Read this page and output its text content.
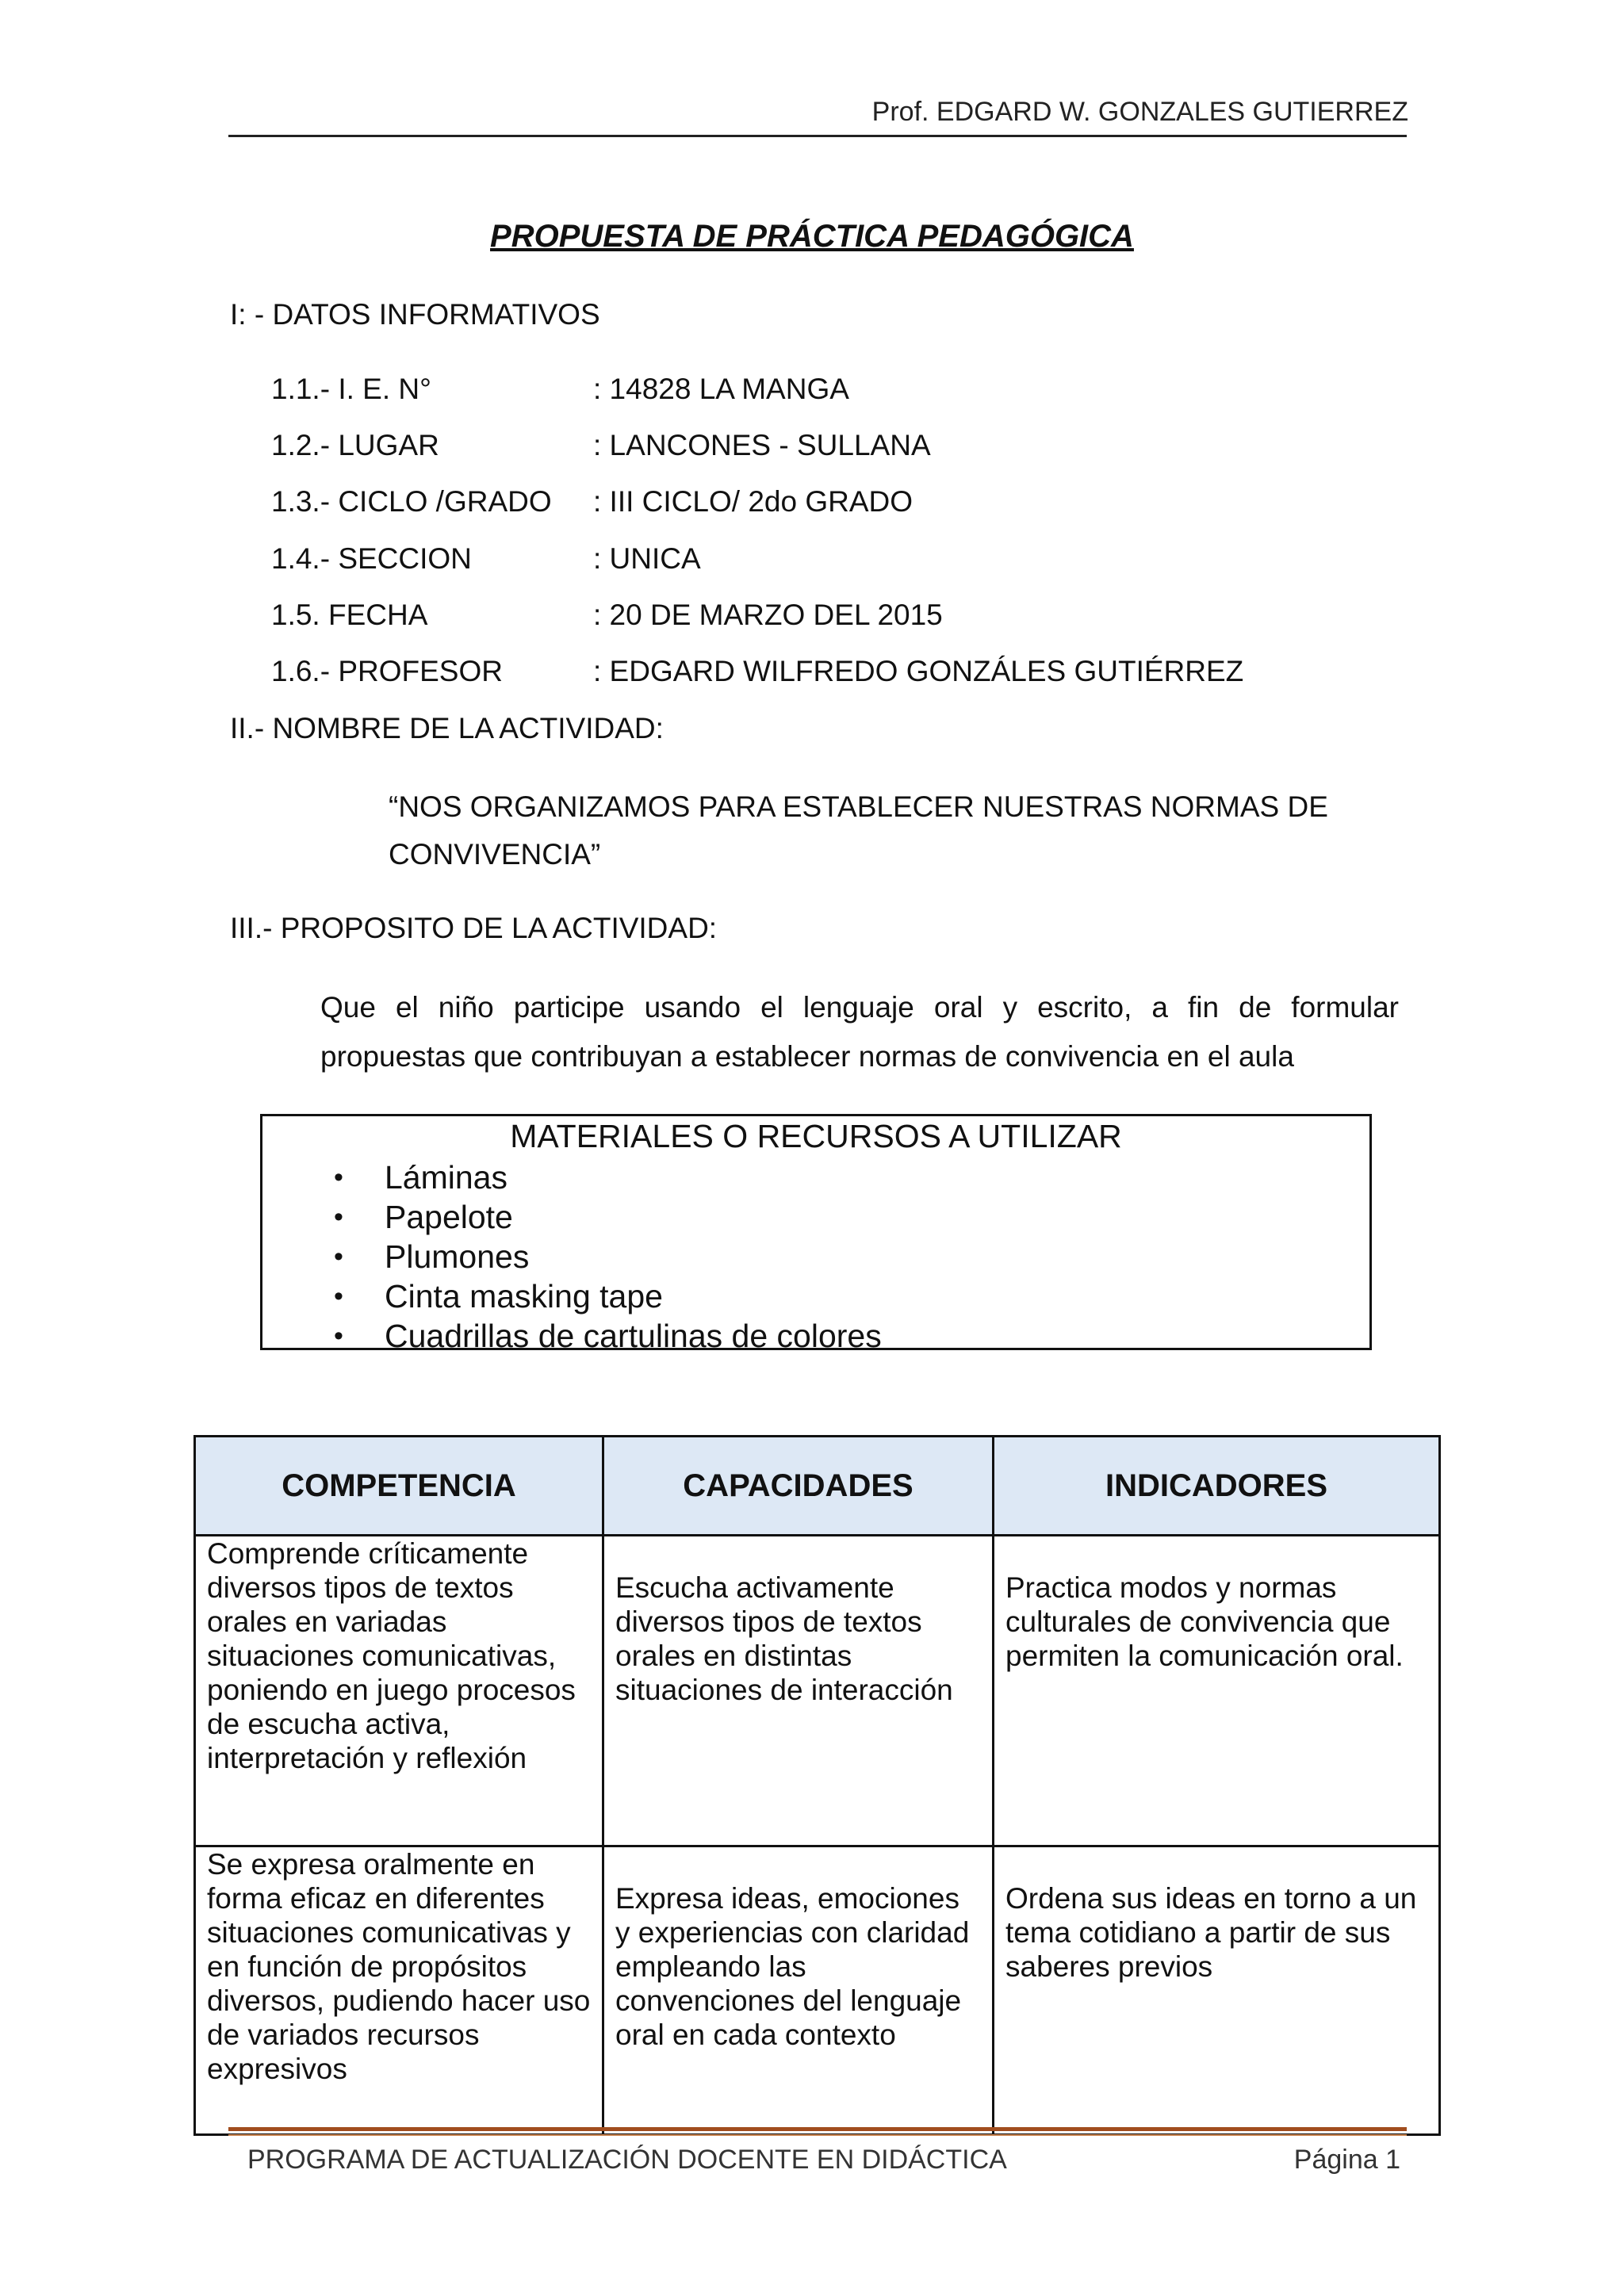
Prof. EDGARD W. GONZALES GUTIERREZ
PROPUESTA DE PRÁCTICA PEDAGÓGICA
I: - DATOS INFORMATIVOS
1.1.- I. E. N°	: 14828 LA MANGA
1.2.- LUGAR	: LANCONES - SULLANA
1.3.- CICLO /GRADO : III CICLO/ 2do GRADO
1.4.- SECCION	: UNICA
1.5. FECHA	: 20 DE MARZO DEL 2015
1.6.- PROFESOR	: EDGARD WILFREDO GONZÁLES GUTIÉRREZ
II.- NOMBRE DE LA ACTIVIDAD:
“NOS ORGANIZAMOS PARA ESTABLECER NUESTRAS NORMAS DE
CONVIVENCIA”
III.- PROPOSITO DE LA ACTIVIDAD:
Que el niño participe usando el lenguaje oral y escrito, a fin de formular propuestas que contribuyan a establecer normas de convivencia en el aula
MATERIALES O RECURSOS A UTILIZAR
• Láminas
• Papelote
• Plumones
• Cinta masking tape
• Cuadrillas de cartulinas de colores
COMPETENCIA	CAPACIDADES	INDICADORES
Comprende críticamente diversos tipos de textos orales en variadas situaciones comunicativas, poniendo en juego procesos de escucha activa, interpretación y reflexión	Escucha activamente diversos tipos de textos orales en distintas situaciones de interacción	Practica modos y normas culturales de convivencia que permiten la comunicación oral.
Se expresa oralmente en forma eficaz en diferentes situaciones comunicativas y en función de propósitos diversos, pudiendo hacer uso de variados recursos expresivos	Expresa ideas, emociones y experiencias con claridad empleando las convenciones del lenguaje oral en cada contexto	Ordena sus ideas en torno a un tema cotidiano a partir de sus saberes previos
PROGRAMA DE ACTUALIZACIÓN DOCENTE EN DIDÁCTICA	Página 1
